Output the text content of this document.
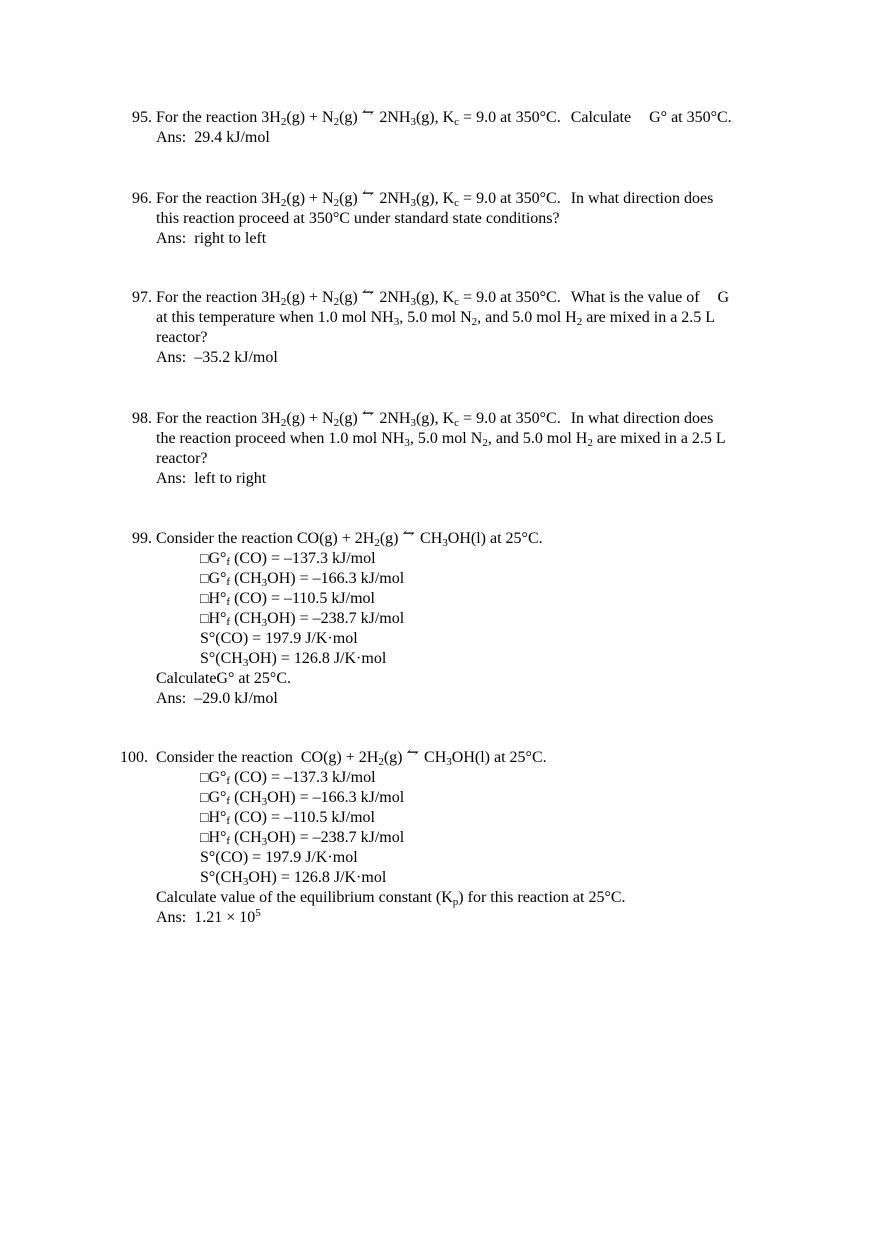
95. For the reaction $3H_2(g) + N_2(g)$ ⥊ $2NH_3(g)$, $K_c = 9.0$ at 350°C. Calculate G° at 350°C.
Ans: 29.4 kJ/mol
96. For the reaction $3H_2(g) + N_2(g)$ ⥊ $2NH_3(g)$, $K_c = 9.0$ at 350°C. In what direction does
this reaction proceed at 350°C under standard state conditions?
Ans: right to left
97. For the reaction $3H_2(g) + N_2(g)$ ⥊ $2NH_3(g)$, $K_c = 9.0$ at 350°C. What is the value of G
at this temperature when 1.0 mol $NH_3$, 5.0 mol $N_2$, and 5.0 mol $H_2$ are mixed in a 2.5 L
reactor?
Ans: –35.2 kJ/mol
98. For the reaction $3H_2(g) + N_2(g)$ ⥊ $2NH_3(g)$, $K_c = 9.0$ at 350°C. In what direction does
the reaction proceed when 1.0 mol $NH_3$, 5.0 mol $N_2$, and 5.0 mol $H_2$ are mixed in a 2.5 L
reactor?
Ans: left to right
99. Consider the reaction $CO(g) + 2H_2(g)$ ⥊ $CH_3OH(l)$ at 25°C.
□G°f (CO) = –137.3 kJ/mol
□G°f $(CH_3OH) = -166.3$ kJ/mol
□H°f (CO) = –110.5 kJ/mol
□H°f $(CH_3OH) = -238.7$ kJ/mol
S°(CO) = 197.9 J/K·mol
$S^\circ(CH_3OH) = 126.8$ J/K·mol
CalculateG° at 25°C.
Ans: –29.0 kJ/mol
100. Consider the reaction $CO(g) + 2H_2(g)$ ⥊ $CH_3OH(l)$ at 25°C.
□G°f (CO) = –137.3 kJ/mol
□G°f $(CH_3OH) = -166.3$ kJ/mol
□H°f (CO) = –110.5 kJ/mol
□H°f $(CH_3OH) = -238.7$ kJ/mol
S°(CO) = 197.9 J/K·mol
$S^\circ(CH_3OH) = 126.8$ J/K·mol
Calculate value of the equilibrium constant $(K_p)$ for this reaction at 25°C.
Ans: $1.21 \times 10^5$
